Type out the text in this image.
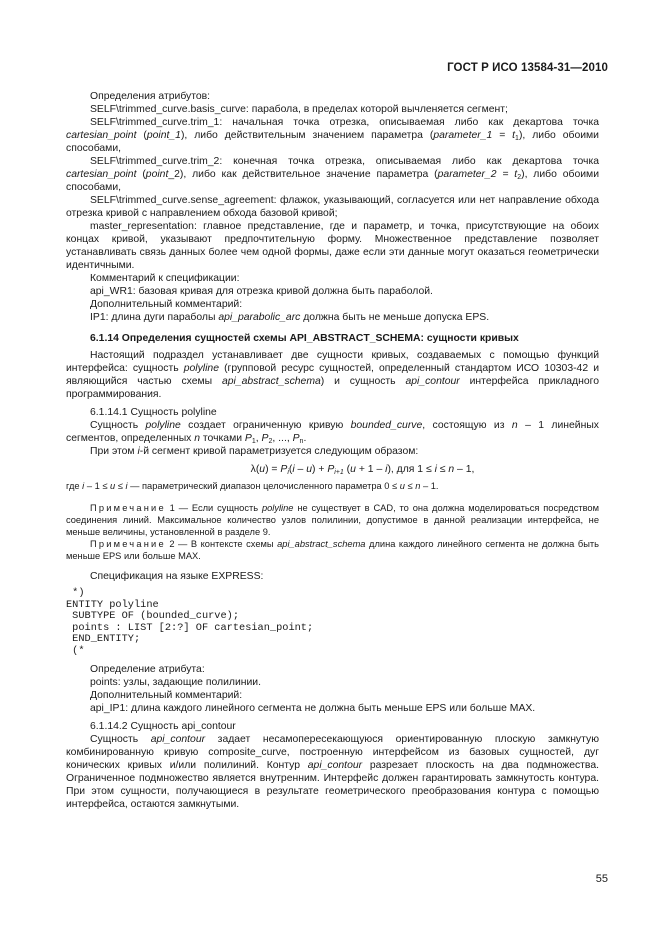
ГОСТ Р ИСО 13584-31—2010

Определения атрибутов:

SELF\trimmed_curve.basis_curve: парабола, в пределах которой вычленяется сегмент;

SELF\trimmed_curve.trim_1: начальная точка отрезка, описываемая либо как декартова точка cartesian_point (point_1), либо действительным значением параметра (parameter_1 = $t_1$), либо обоими способами,

SELF\trimmed_curve.trim_2: конечная точка отрезка, описываемая либо как декартова точка cartesian_point (point_2), либо как действительное значение параметра (parameter_2 = $t_2$), либо обоими способами,

SELF\trimmed_curve.sense_agreement: флажок, указывающий, согласуется или нет направление обхода отрезка кривой с направлением обхода базовой кривой;

master_representation: главное представление, где и параметр, и точка, присутствующие на обоих концах кривой, указывают предпочтительную форму. Множественное представление позволяет устанавливать связь данных более чем одной формы, даже если эти данные могут оказаться геометрически идентичными.

Комментарий к спецификации:

api_WR1: базовая кривая для отрезка кривой должна быть параболой.

Дополнительный комментарий:

IP1: длина дуги параболы api_parabolic_arc должна быть не меньше допуска EPS.

6.1.14 Определения сущностей схемы API_ABSTRACT_SCHEMA: сущности кривых

Настоящий подраздел устанавливает две сущности кривых, создаваемых с помощью функций интерфейса: сущность polyline (групповой ресурс сущностей, определенный стандартом ИСО 10303-42 и являющийся частью схемы api_abstract_schema) и сущность api_contour интерфейса прикладного программирования.

6.1.14.1 Сущность polyline

Сущность polyline создает ограниченную кривую bounded_curve, состоящую из n – 1 линейных сегментов, определенных n точками $P_1$, $P_2$, ..., $P_n$.

При этом i-й сегмент кривой параметризуется следующим образом:

$\lambda(u) = P_i(i - u) + P_{i+1}$ (u + 1 – i), для 1 ≤ i ≤ n – 1,

где i – 1 ≤ u ≤ i — параметрический диапазон целочисленного параметра 0 ≤ u ≤ n – 1.

Примечание 1 — Если сущность polyline не существует в CAD, то она должна моделироваться посредством соединения линий. Максимальное количество узлов полилинии, допустимое в данной реализации интерфейса, не меньше величины, установленной в разделе 9.

Примечание 2 — В контексте схемы api_abstract_schema длина каждого линейного сегмента не должна быть меньше EPS или больше MAX.

Спецификация на языке EXPRESS:

*)
ENTITY polyline
SUBTYPE OF (bounded_curve);
points : LIST [2:?] OF cartesian_point;
END_ENTITY;
(*

Определение атрибута:

points: узлы, задающие полилинии.

Дополнительный комментарий:

api_IP1: длина каждого линейного сегмента не должна быть меньше EPS или больше MAX.

6.1.14.2 Сущность api_contour

Сущность api_contour задает несамопересекающуюся ориентированную плоскую замкнутую комбинированную кривую composite_curve, построенную интерфейсом из базовых сущностей, дуг конических кривых и/или полилиний. Контур api_contour разрезает плоскость на два подмножества. Ограниченное подмножество является внутренним. Интерфейс должен гарантировать замкнутость контура. При этом сущности, получающиеся в результате геометрического преобразования контура с помощью интерфейса, остаются замкнутыми.

55
